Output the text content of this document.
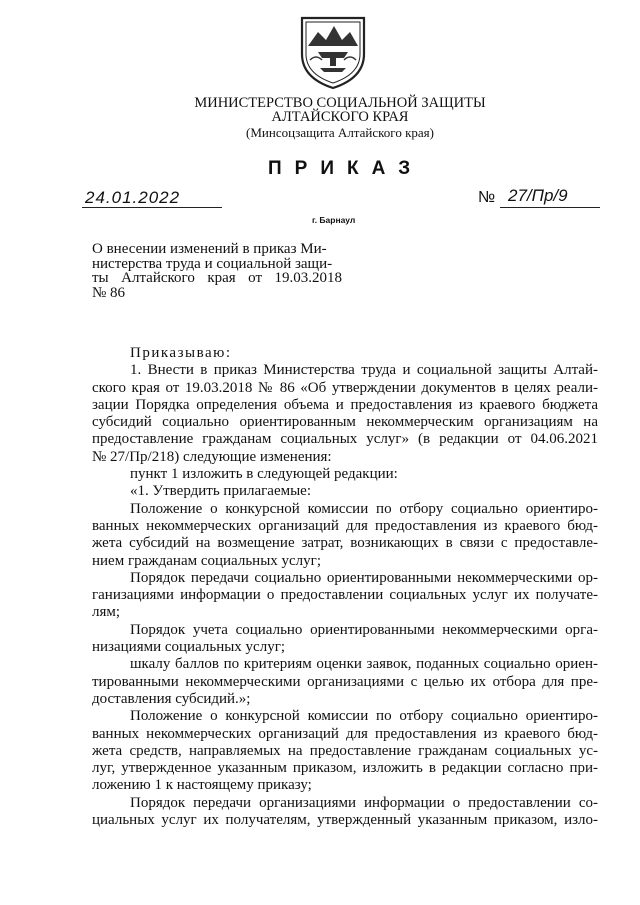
МИНИСТЕРСТВО СОЦИАЛЬНОЙ ЗАЩИТЫ
АЛТАЙСКОГО КРАЯ
(Минсоцзащита Алтайского края)
ПРИКАЗ
24.01.2022	№ 27/Пр/9
г. Барнаул
О внесении изменений в приказ Ми-
нистерства труда и социальной защи-
ты Алтайского края от 19.03.2018
№ 86
Приказываю:
1. Внести в приказ Министерства труда и социальной защиты Алтай-
ского края от 19.03.2018 № 86 «Об утверждении документов в целях реали-
зации Порядка определения объема и предоставления из краевого бюджета
субсидий социально ориентированным некоммерческим организациям на
предоставление гражданам социальных услуг» (в редакции от 04.06.2021
№ 27/Пр/218) следующие изменения:
пункт 1 изложить в следующей редакции:
«1. Утвердить прилагаемые:
Положение о конкурсной комиссии по отбору социально ориентиро-
ванных некоммерческих организаций для предоставления из краевого бюд-
жета субсидий на возмещение затрат, возникающих в связи с предоставле-
нием гражданам социальных услуг;
Порядок передачи социально ориентированными некоммерческими ор-
ганизациями информации о предоставлении социальных услуг их получате-
лям;
Порядок учета социально ориентированными некоммерческими орга-
низациями социальных услуг;
шкалу баллов по критериям оценки заявок, поданных социально ориен-
тированными некоммерческими организациями с целью их отбора для пре-
доставления субсидий.»;
Положение о конкурсной комиссии по отбору социально ориентиро-
ванных некоммерческих организаций для предоставления из краевого бюд-
жета средств, направляемых на предоставление гражданам социальных ус-
луг, утвержденное указанным приказом, изложить в редакции согласно при-
ложению 1 к настоящему приказу;
Порядок передачи организациями информации о предоставлении со-
циальных услуг их получателям, утвержденный указанным приказом, изло-
